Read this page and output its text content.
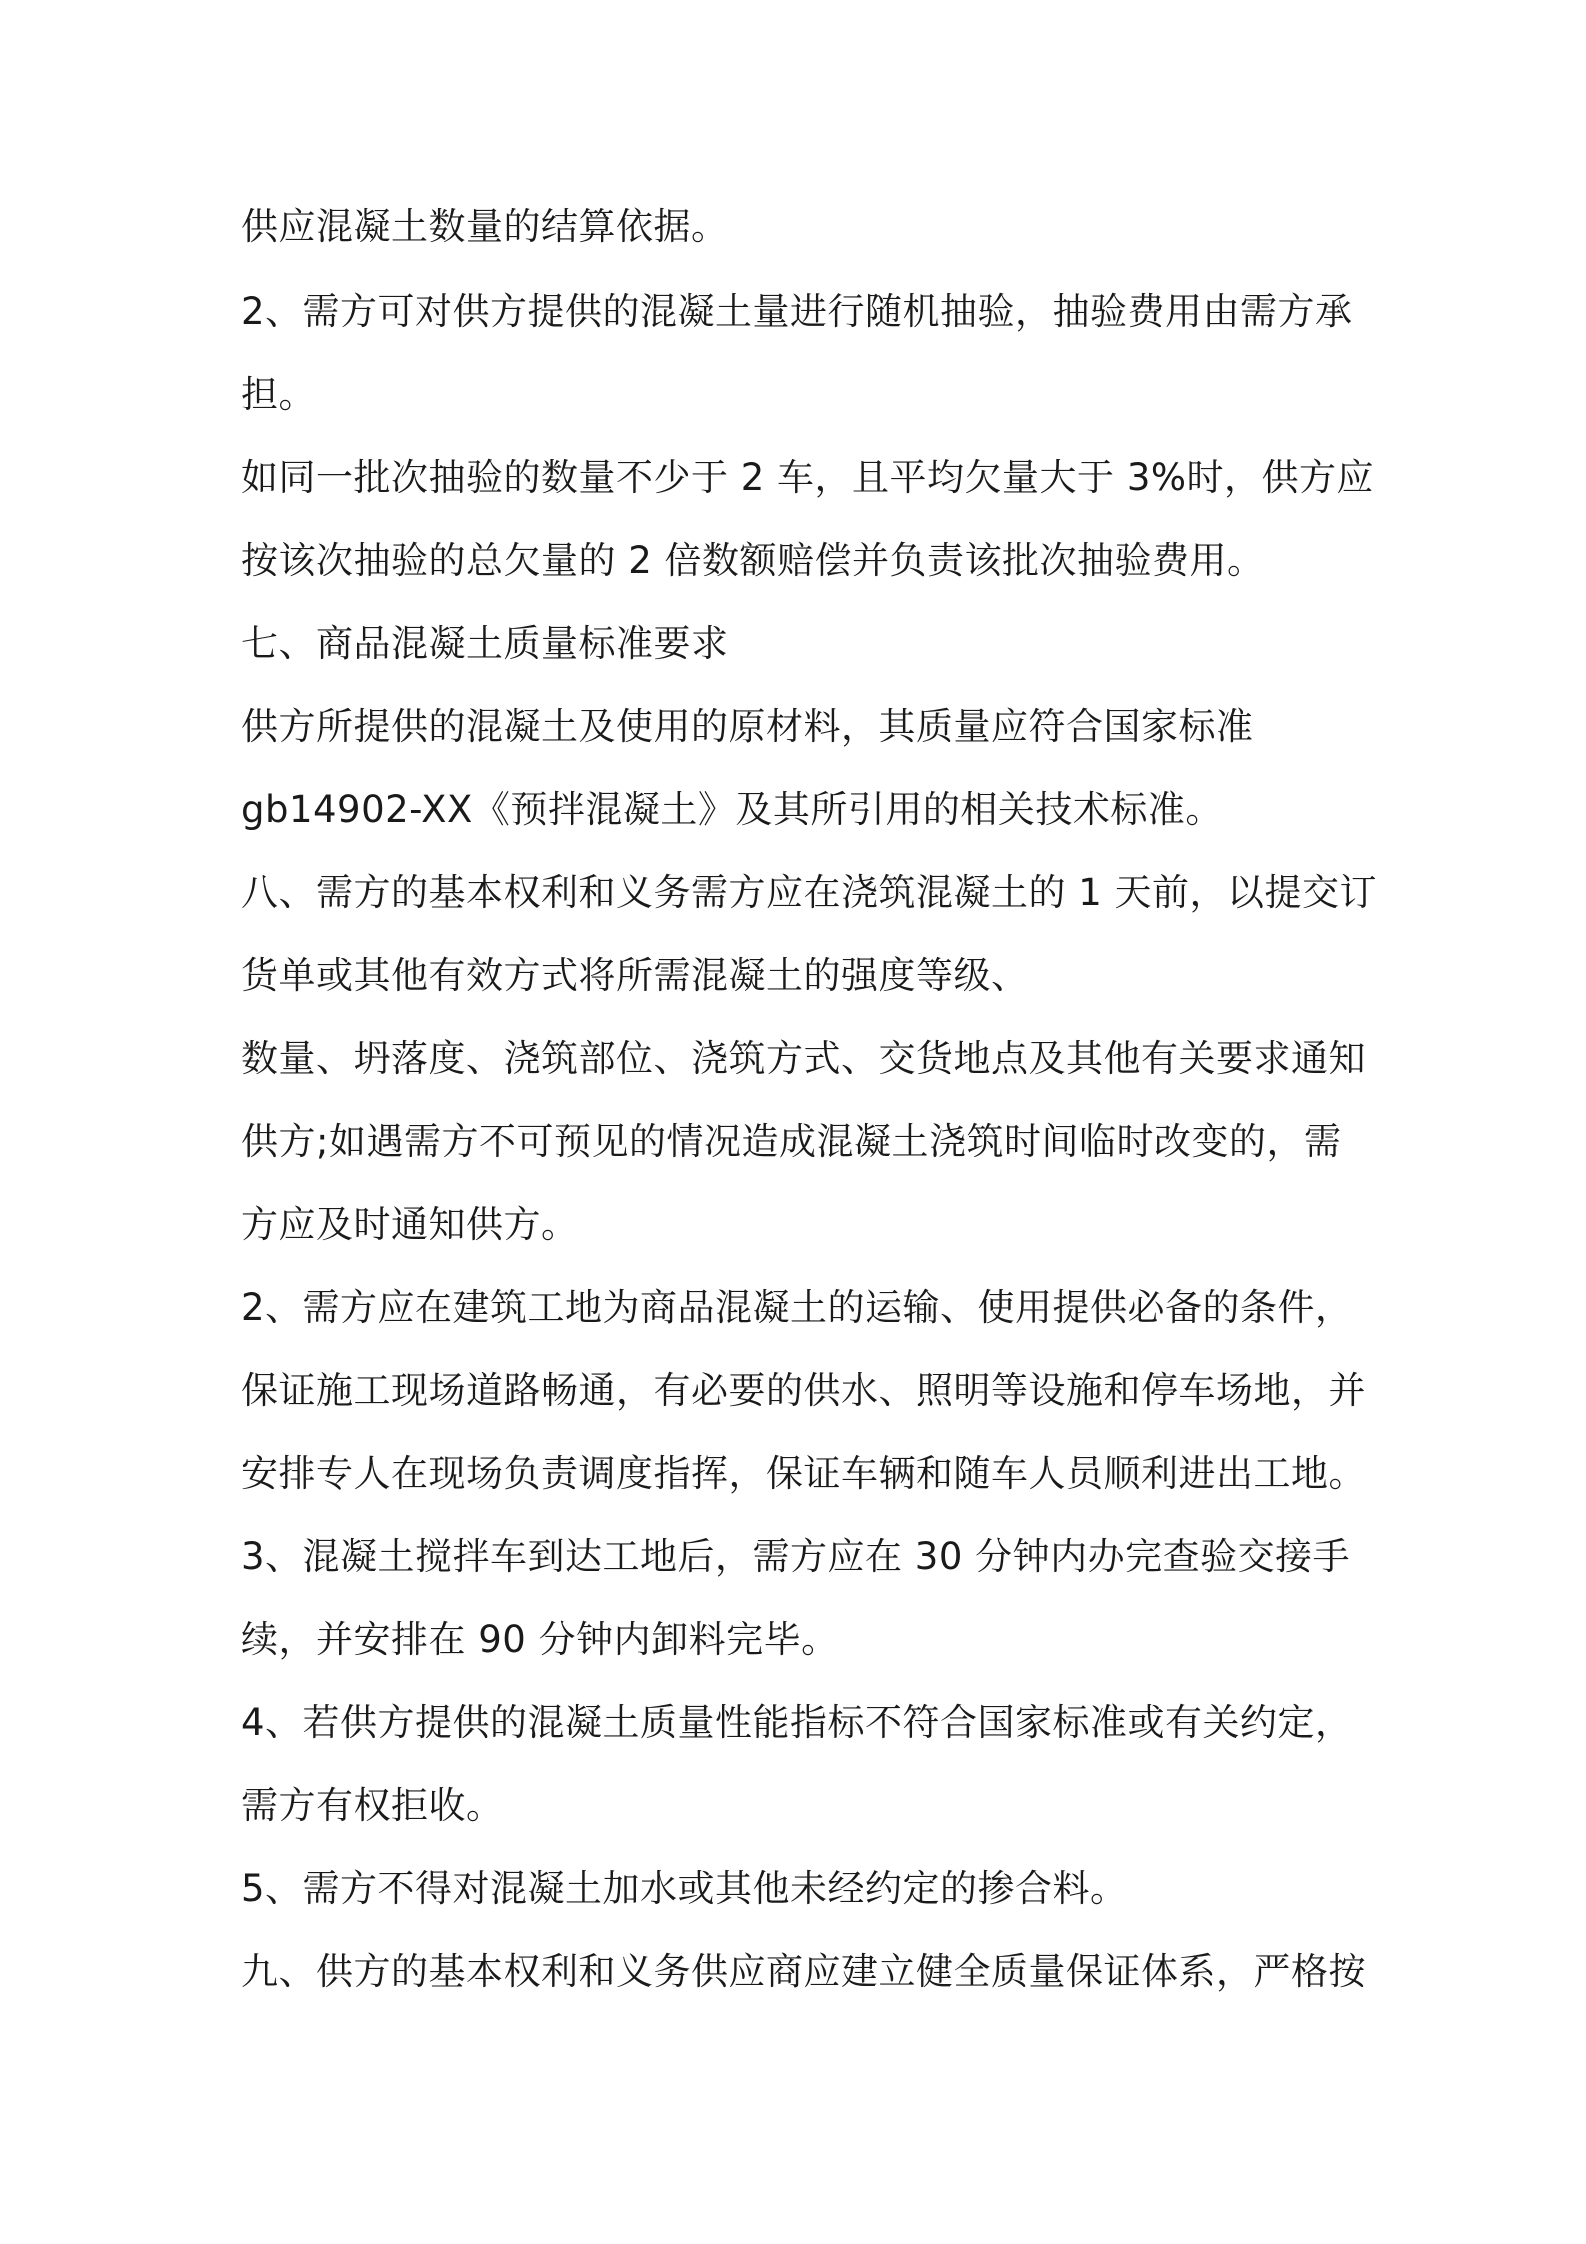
供应混凝土数量的结算依据。
2、需方可对供方提供的混凝土量进行随机抽验，抽验费用由需方承
担。
如同一批次抽验的数量不少于 2 车，且平均欠量大于 3%时，供方应
按该次抽验的总欠量的 2 倍数额赔偿并负责该批次抽验费用。
七、商品混凝土质量标准要求
供方所提供的混凝土及使用的原材料，其质量应符合国家标准
gb14902-XX《预拌混凝土》及其所引用的相关技术标准。
八、需方的基本权利和义务需方应在浇筑混凝土的 1 天前，以提交订
货单或其他有效方式将所需混凝土的强度等级、
数量、坍落度、浇筑部位、浇筑方式、交货地点及其他有关要求通知
供方;如遇需方不可预见的情况造成混凝土浇筑时间临时改变的，需
方应及时通知供方。
2、需方应在建筑工地为商品混凝土的运输、使用提供必备的条件，
保证施工现场道路畅通，有必要的供水、照明等设施和停车场地，并
安排专人在现场负责调度指挥，保证车辆和随车人员顺利进出工地。
3、混凝土搅拌车到达工地后，需方应在 30 分钟内办完查验交接手
续，并安排在 90 分钟内卸料完毕。
4、若供方提供的混凝土质量性能指标不符合国家标准或有关约定，
需方有权拒收。
5、需方不得对混凝土加水或其他未经约定的掺合料。
九、供方的基本权利和义务供应商应建立健全质量保证体系，严格按
